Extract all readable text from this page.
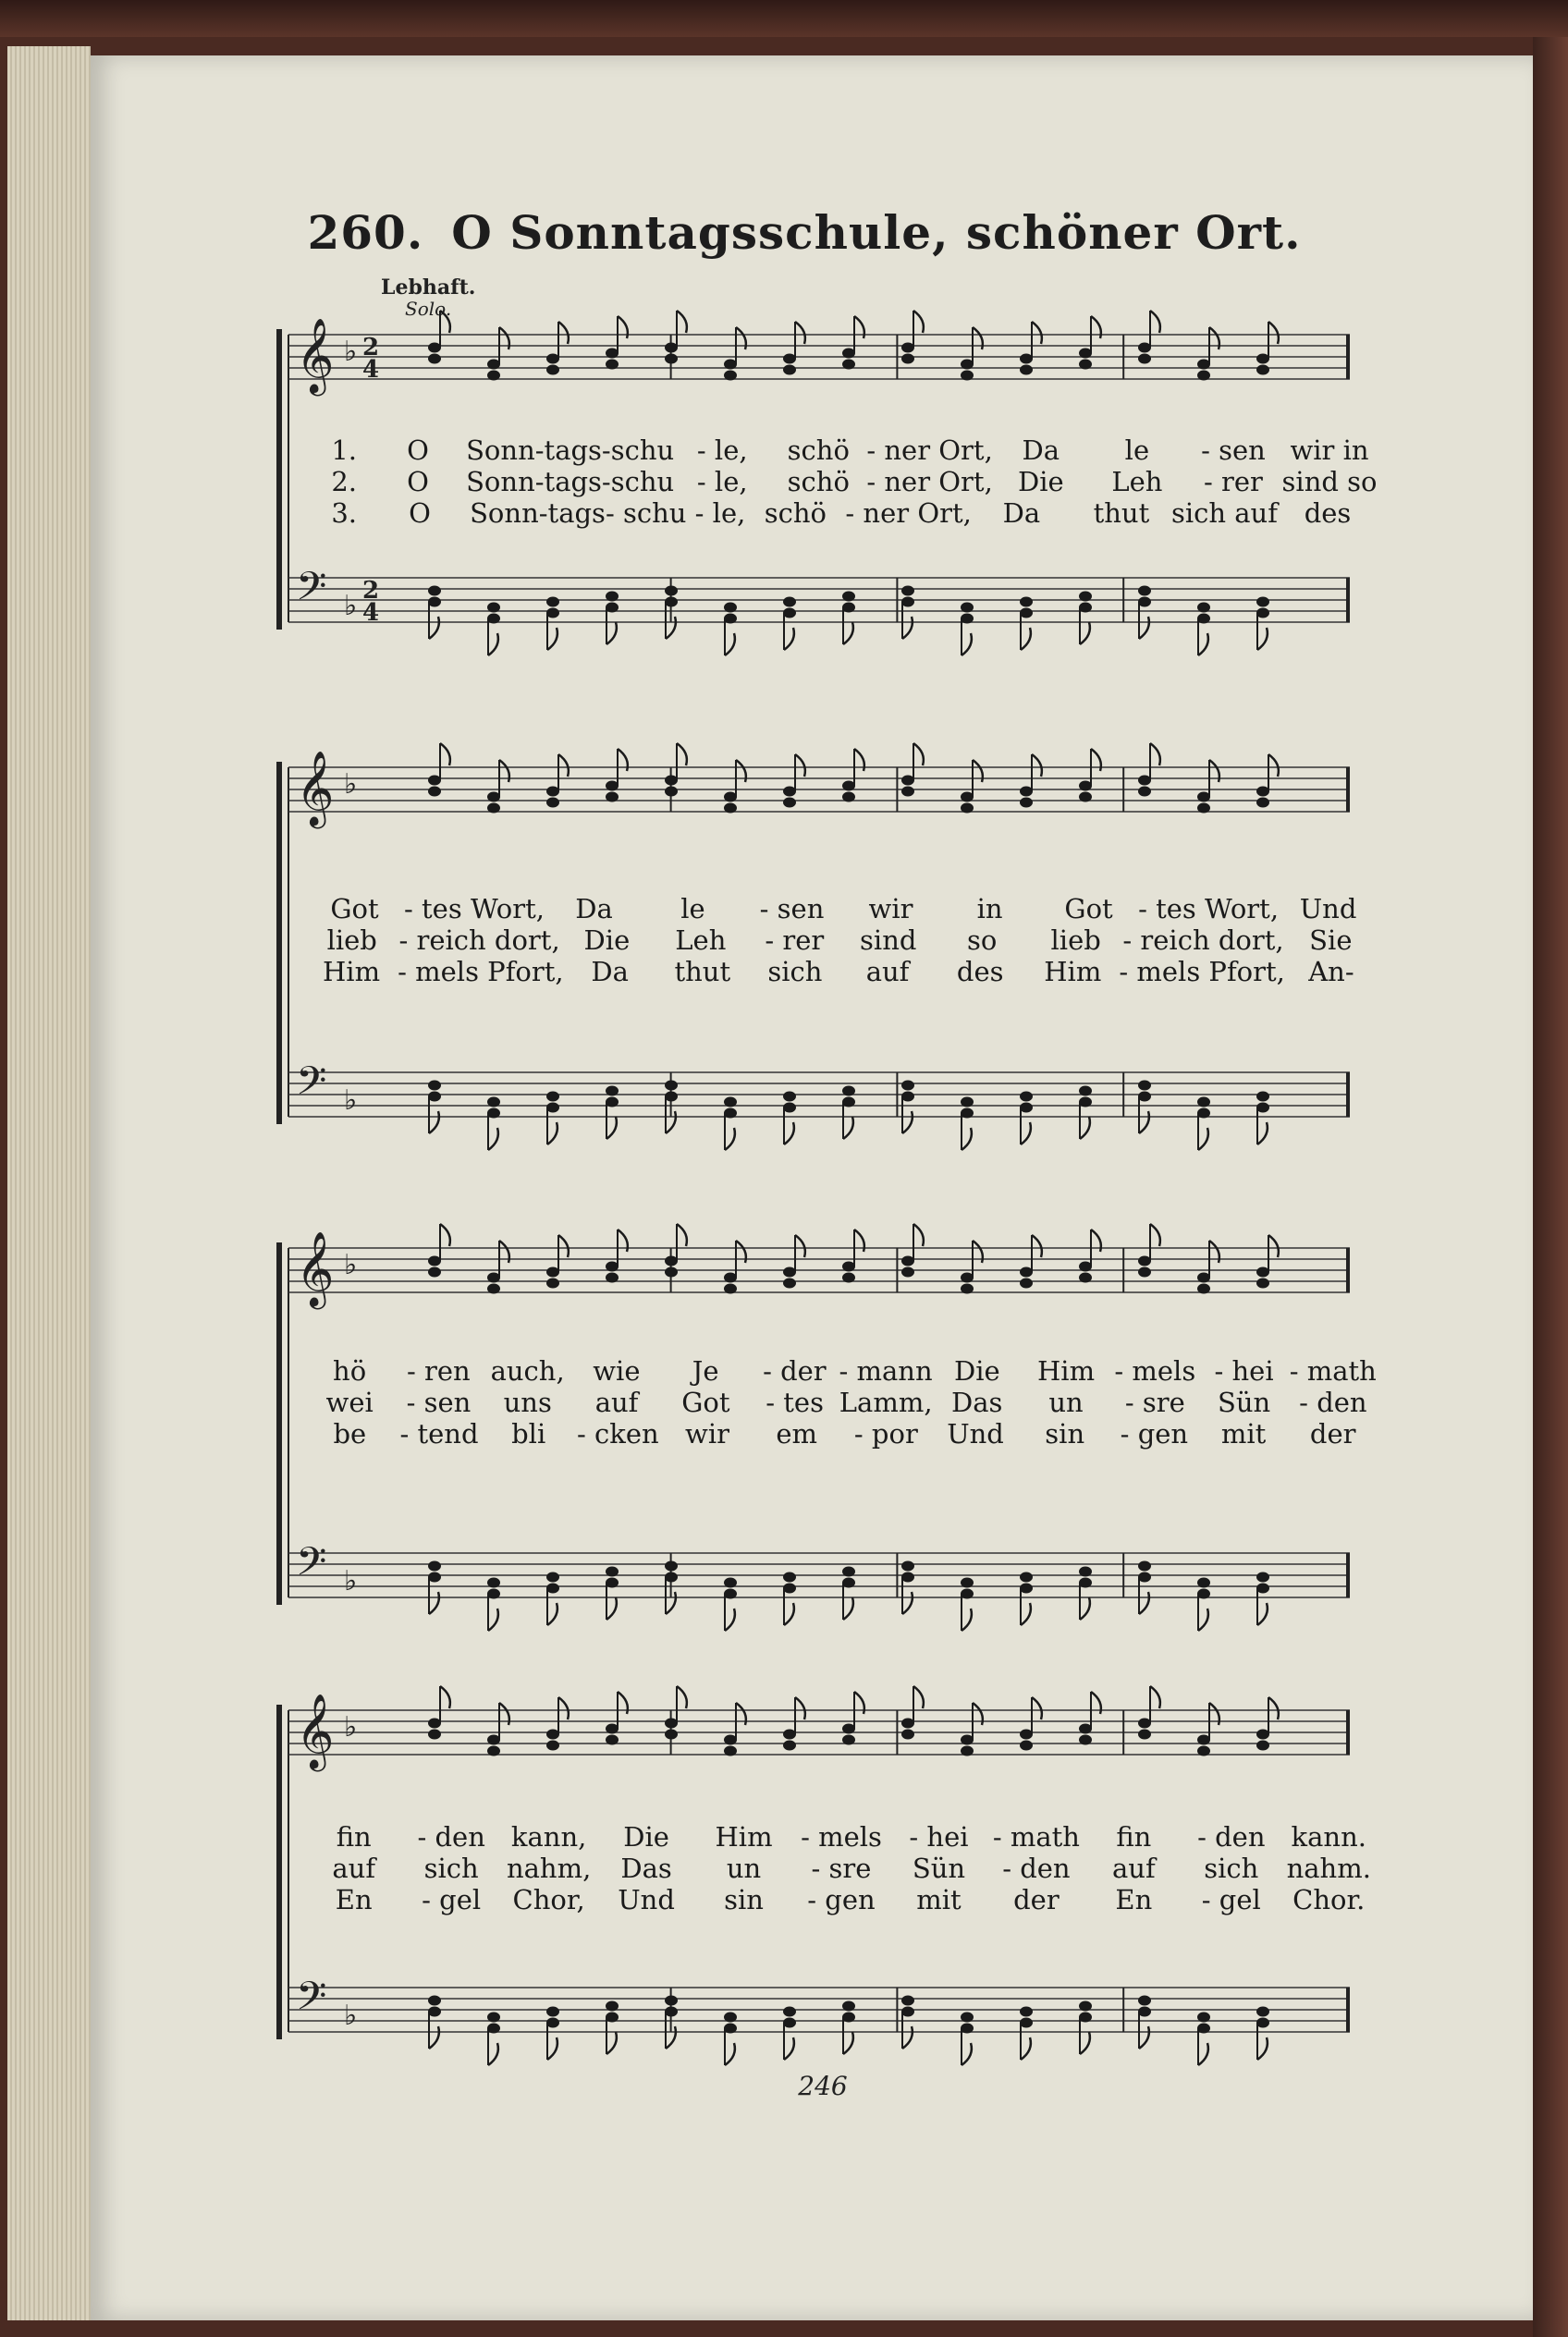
260. O Sonntagsschule, schöner Ort.
Lebhaft.
Solo.
𝄞 ♭ 2
4
𝄢 ♭ 2
4
𝄞 ♭
𝄢 ♭
𝄞 ♭
𝄢 ♭
𝄞 ♭
𝄢 ♭
1.	O	Sonn-tags-schu - le,	schö - ner Ort,	Da	le	- sen wir in
2.	O	Sonn-tags-schu - le,	schö - ner Ort, Die	Leh	- rer sind so
3.	O	Sonn-tags - schu - le, schö - ner Ort,	Da	thut sich auf des
Got - tes Wort,	Da	le	- sen	wir	in	Got - tes Wort, Und
lieb - reich dort, Die	Leh	- rer	sind	so	lieb - reich dort, Sie
Him - mels Pfort,	Da	thut	sich	auf	des	Him - mels Pfort, An-
hö	- ren auch,	wie	Je	- der - mann Die	Him - mels - hei - math
wei	- sen	uns	auf	Got	- tes Lamm, Das	un	- sre	Sün	- den
be	- tend	bli	- cken wir	em	- por	Und	sin	- gen	mit	der
fin	- den kann,	Die	Him	- mels	- hei - math	fin	- den kann.
auf	sich	nahm,	Das	un	- sre	Sün	- den	auf	sich	nahm.
En	- gel	Chor,	Und	sin	- gen	mit	der	En	- gel	Chor.
246
